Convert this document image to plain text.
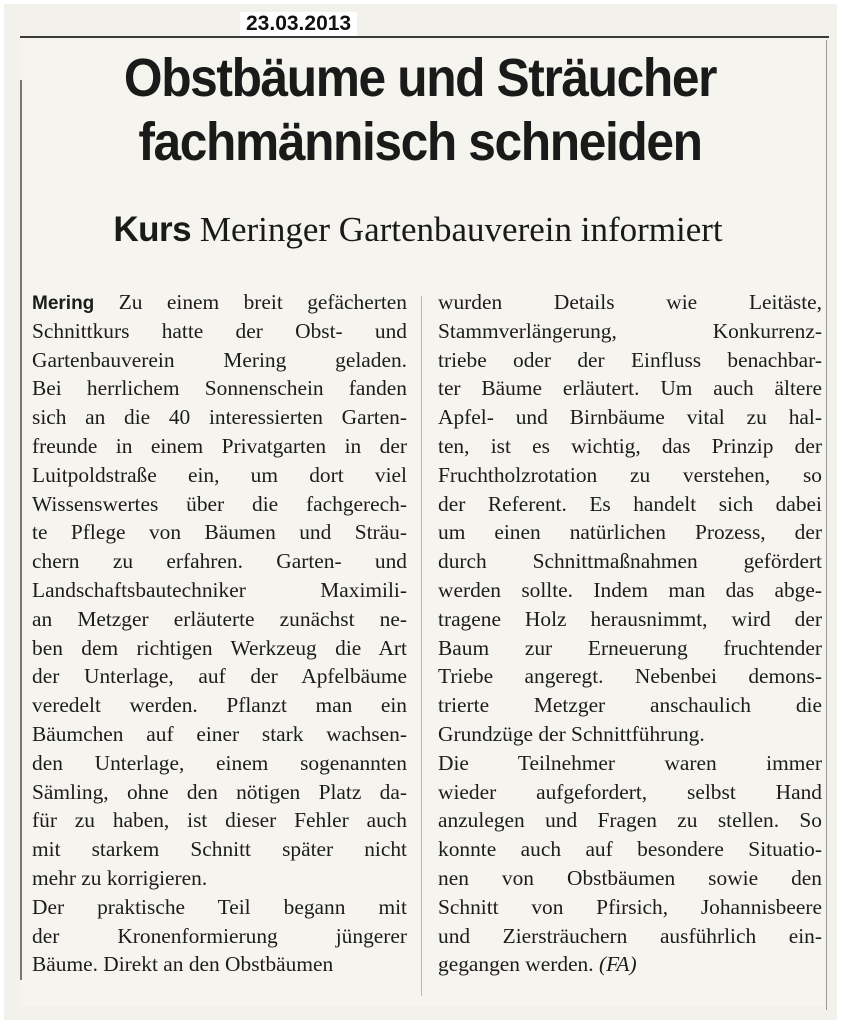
23.03.2013
Obstbäume und Sträucher
fachmännisch schneiden
Kurs Meringer Gartenbauverein informiert
Mering Zu einem breit gefächerten
Schnittkurs hatte der Obst- und
Gartenbauverein Mering geladen.
Bei herrlichem Sonnenschein fanden
sich an die 40 interessierten Garten-
freunde in einem Privatgarten in der
Luitpoldstraße ein, um dort viel
Wissenswertes über die fachgerech-
te Pflege von Bäumen und Sträu-
chern zu erfahren. Garten- und
Landschaftsbautechniker Maximili-
an Metzger erläuterte zunächst ne-
ben dem richtigen Werkzeug die Art
der Unterlage, auf der Apfelbäume
veredelt werden. Pflanzt man ein
Bäumchen auf einer stark wachsen-
den Unterlage, einem sogenannten
Sämling, ohne den nötigen Platz da-
für zu haben, ist dieser Fehler auch
mit starkem Schnitt später nicht
mehr zu korrigieren.
Der praktische Teil begann mit
der Kronenformierung jüngerer
Bäume. Direkt an den Obstbäumen
wurden Details wie Leitäste,
Stammverlängerung, Konkurrenz-
triebe oder der Einfluss benachbar-
ter Bäume erläutert. Um auch ältere
Apfel- und Birnbäume vital zu hal-
ten, ist es wichtig, das Prinzip der
Fruchtholzrotation zu verstehen, so
der Referent. Es handelt sich dabei
um einen natürlichen Prozess, der
durch Schnittmaßnahmen gefördert
werden sollte. Indem man das abge-
tragene Holz herausnimmt, wird der
Baum zur Erneuerung fruchtender
Triebe angeregt. Nebenbei demons-
trierte Metzger anschaulich die
Grundzüge der Schnittführung.
Die Teilnehmer waren immer
wieder aufgefordert, selbst Hand
anzulegen und Fragen zu stellen. So
konnte auch auf besondere Situatio-
nen von Obstbäumen sowie den
Schnitt von Pfirsich, Johannisbeere
und Ziersträuchern ausführlich ein-
gegangen werden. (FA)
